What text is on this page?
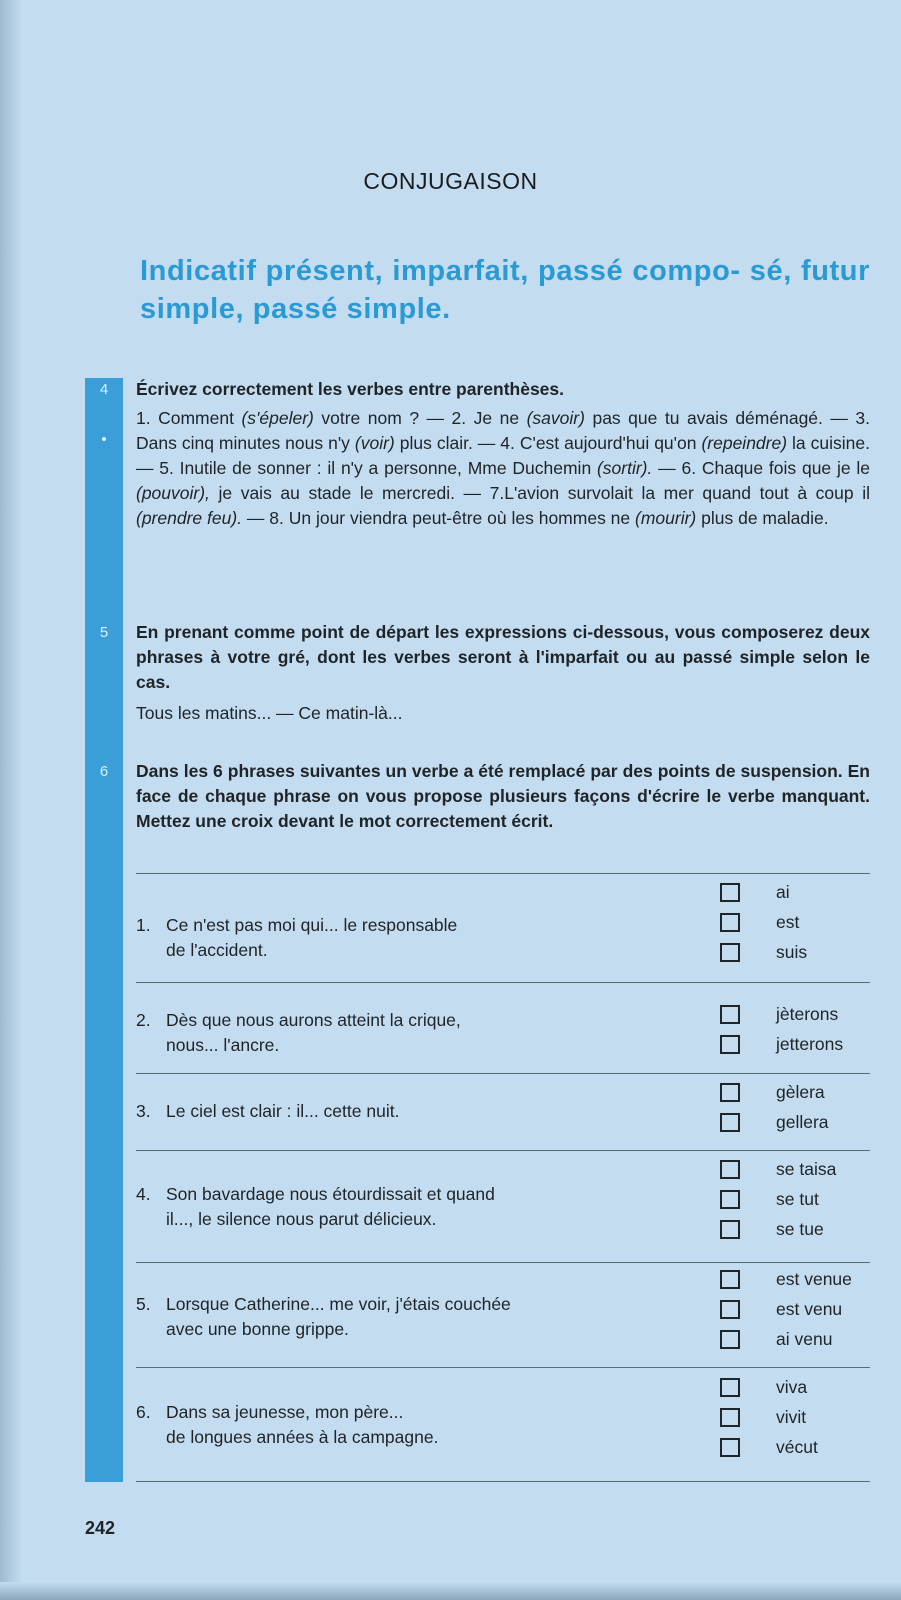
CONJUGAISON
Indicatif présent, imparfait, passé compo- sé, futur simple, passé simple.
4	Écrivez correctement les verbes entre parenthèses.
1. Comment (s'épeler) votre nom ? — 2. Je ne (savoir) pas que tu avais déménagé. — 3. Dans cinq minutes nous n'y (voir) plus clair. — 4. C'est aujourd'hui qu'on (repeindre) la cuisine. — 5. Inutile de sonner : il n'y a personne, Mme Duchemin (sortir). — 6. Chaque fois que je le (pouvoir), je vais au stade le mercredi. — 7.L'avion survolait la mer quand tout à coup il (prendre feu). — 8. Un jour viendra peut-être où les hommes ne (mourir) plus de maladie.
5	En prenant comme point de départ les expressions ci-dessous, vous composerez deux phrases à votre gré, dont les verbes seront à l'imparfait ou au passé simple selon le cas.
Tous les matins... — Ce matin-là...
6	Dans les 6 phrases suivantes un verbe a été remplacé par des points de suspension. En face de chaque phrase on vous propose plusieurs façons d'écrire le verbe manquant. Mettez une croix devant le mot correctement écrit.
1. Ce n'est pas moi qui... le responsable
de l'accident.
ai
est
suis
2. Dès que nous aurons atteint la crique,
nous... l'ancre.
jèterons
jetterons
3. Le ciel est clair : il... cette nuit.
gèlera
gellera
4. Son bavardage nous étourdissait et quand
il..., le silence nous parut délicieux.
se taisa
se tut
se tue
5. Lorsque Catherine... me voir, j'étais couchée
avec une bonne grippe.
est venue
est venu
ai venu
6. Dans sa jeunesse, mon père...
de longues années à la campagne.
viva
vivit
vécut
242
